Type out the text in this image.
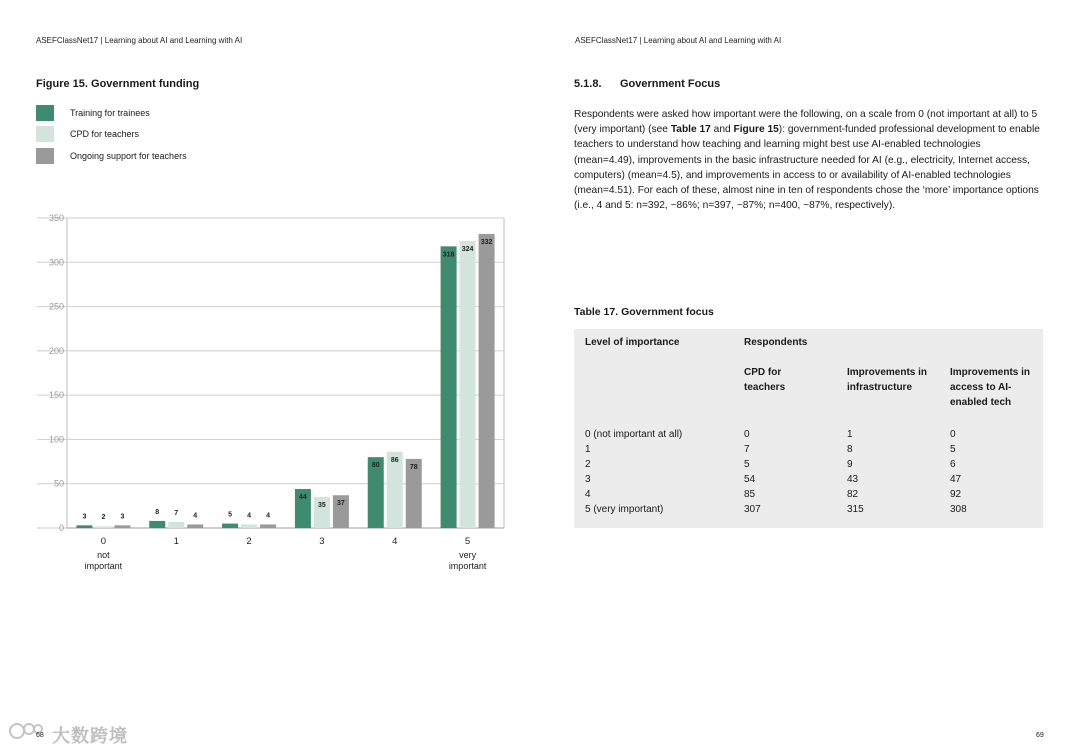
ASEFClassNet17 | Learning about AI and Learning with AI	ASEFClassNet17 | Learning about AI and Learning with AI
Figure 15. Government funding
Training for trainees
CPD for teachers
Ongoing support for teachers
0
50
100
150
200
250
300
350
3 2 3
0
not
important
8 7 4
1
5 4 4
2
44
35 37
3
80
86
78
4
318
324
332
5
very
important
5.1.8. Government Focus
Respondents were asked how important were the following, on a scale from 0 (not important at all) to 5 (very important) (see Table 17 and Figure 15): government-funded professional development to enable teachers to understand how teaching and learning might best use AI-enabled technologies (mean=4.49), improvements in the basic infrastructure needed for AI (e.g., electricity, Internet access, computers) (mean=4.5), and improvements in access to or availability of AI-enabled technologies (mean=4.51). For each of these, almost nine in ten of respondents chose the ‘more’ importance options (i.e., 4 and 5: n=392, ~86%; n=397, ~87%; n=400, ~87%, respectively).
Table 17. Government focus
Level of importance	Respondents
CPD for teachers
Improvements in infrastructure
Improvements in access to AI-enabled tech
0 (not important at all)	0	1	0
1	7	8	5
2	5	9	6
3	54	43	47
4	85	82	92
5 (very important)	307	315	308
大数跨境
68	69
